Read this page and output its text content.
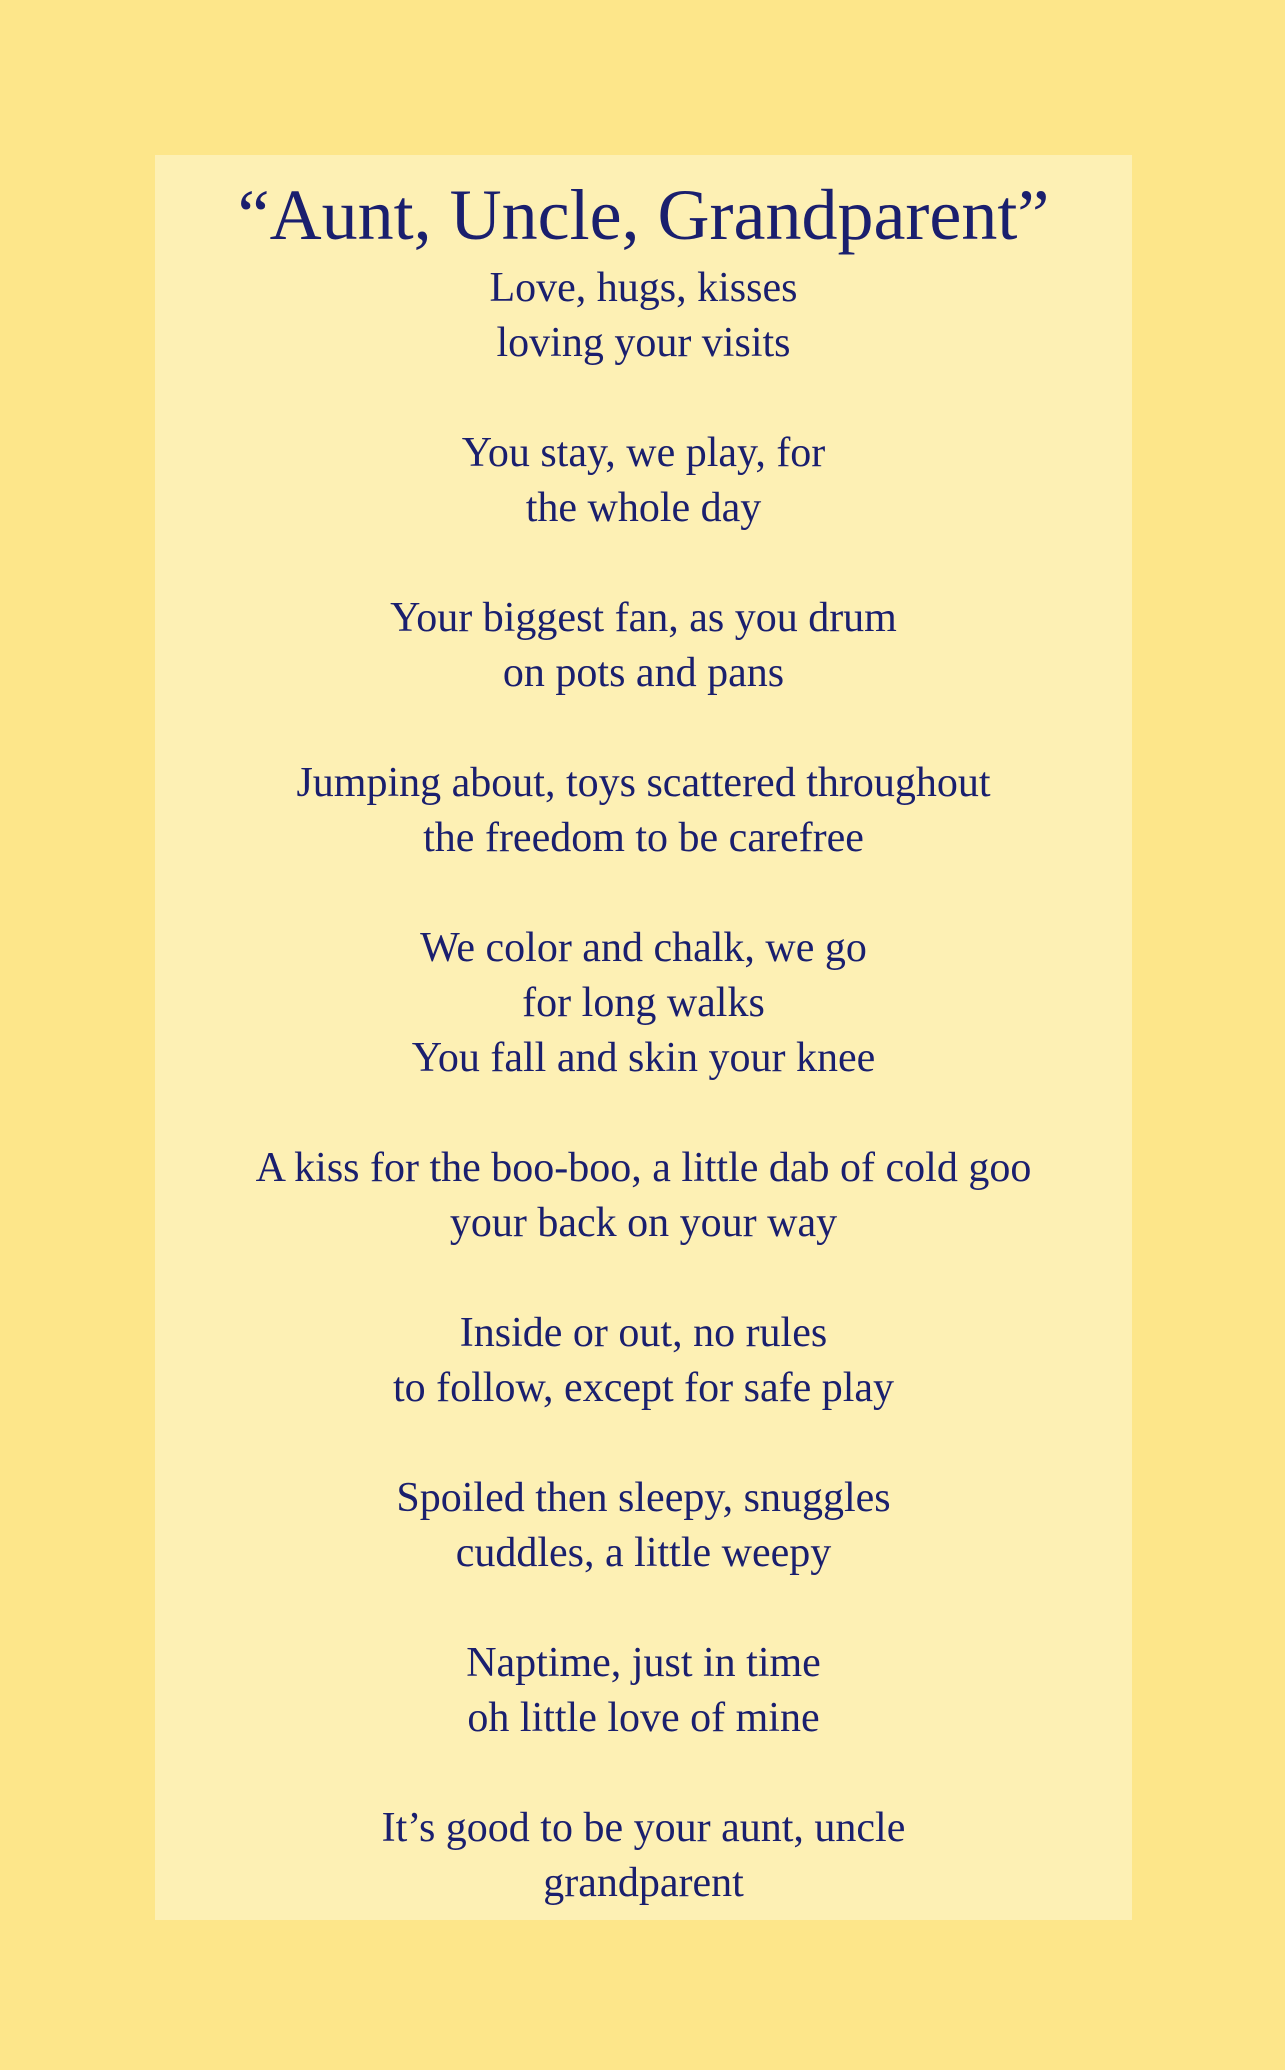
“Aunt, Uncle, Grandparent”
Love, hugs, kisses
loving your visits
You stay, we play, for
the whole day
Your biggest fan, as you drum
on pots and pans
Jumping about, toys scattered throughout
the freedom to be carefree
We color and chalk, we go
for long walks
You fall and skin your knee
A kiss for the boo-boo, a little dab of cold goo
your back on your way
Inside or out, no rules
to follow, except for safe play
Spoiled then sleepy, snuggles
cuddles, a little weepy
Naptime, just in time
oh little love of mine
It’s good to be your aunt, uncle
grandparent
